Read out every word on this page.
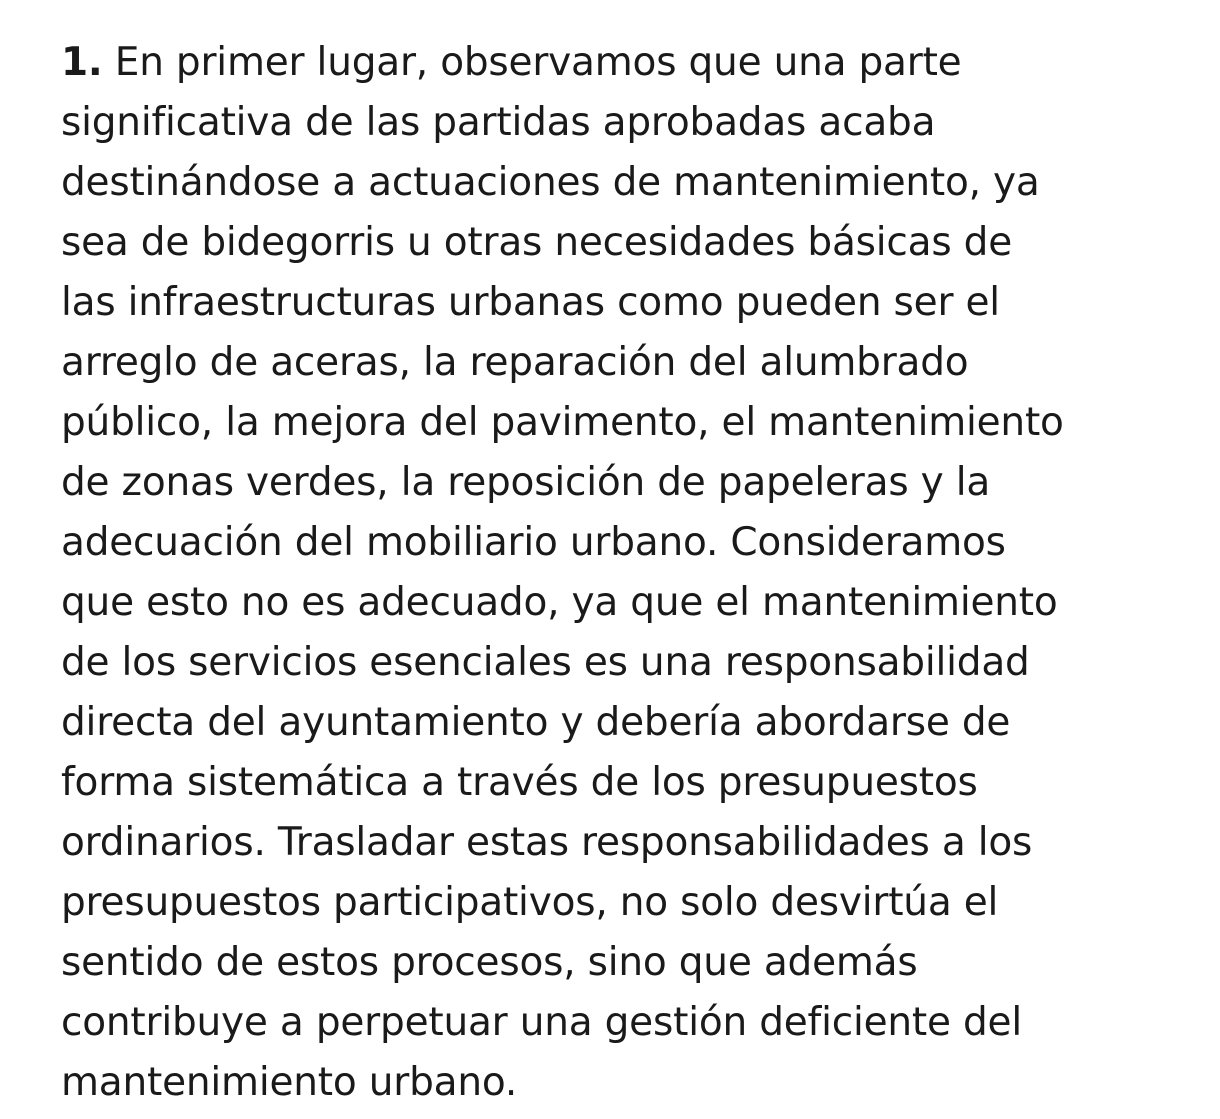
1. En primer lugar, observamos que una parte
significativa de las partidas aprobadas acaba
destinándose a actuaciones de mantenimiento, ya
sea de bidegorris u otras necesidades básicas de
las infraestructuras urbanas como pueden ser el
arreglo de aceras, la reparación del alumbrado
público, la mejora del pavimento, el mantenimiento
de zonas verdes, la reposición de papeleras y la
adecuación del mobiliario urbano. Consideramos
que esto no es adecuado, ya que el mantenimiento
de los servicios esenciales es una responsabilidad
directa del ayuntamiento y debería abordarse de
forma sistemática a través de los presupuestos
ordinarios. Trasladar estas responsabilidades a los
presupuestos participativos, no solo desvirtúa el
sentido de estos procesos, sino que además
contribuye a perpetuar una gestión deficiente del
mantenimiento urbano.
